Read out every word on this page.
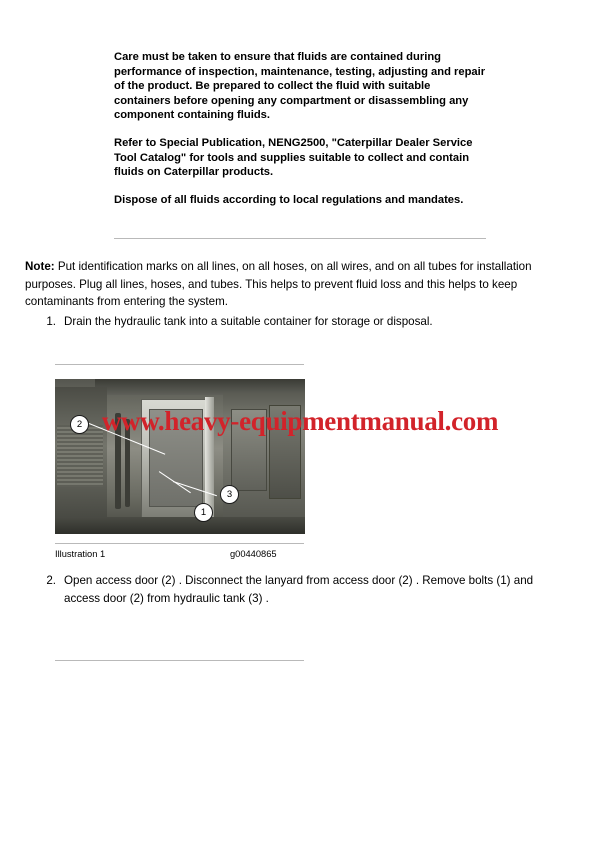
Care must be taken to ensure that fluids are contained during performance of inspection, maintenance, testing, adjusting and repair of the product. Be prepared to collect the fluid with suitable containers before opening any compartment or disassembling any component containing fluids.

Refer to Special Publication, NENG2500, "Caterpillar Dealer Service Tool Catalog" for tools and supplies suitable to collect and contain fluids on Caterpillar products.

Dispose of all fluids according to local regulations and mandates.

Note: Put identification marks on all lines, on all hoses, on all wires, and on all tubes for installation purposes. Plug all lines, hoses, and tubes. This helps to prevent fluid loss and this helps to keep contaminants from entering the system.
1. Drain the hydraulic tank into a suitable container for storage or disposal.
2
3
1
www.heavy-equipmentmanual.com
Illustration 1	g00440865
2. Open access door (2) . Disconnect the lanyard from access door (2) . Remove bolts (1) and access door (2) from hydraulic tank (3) .
